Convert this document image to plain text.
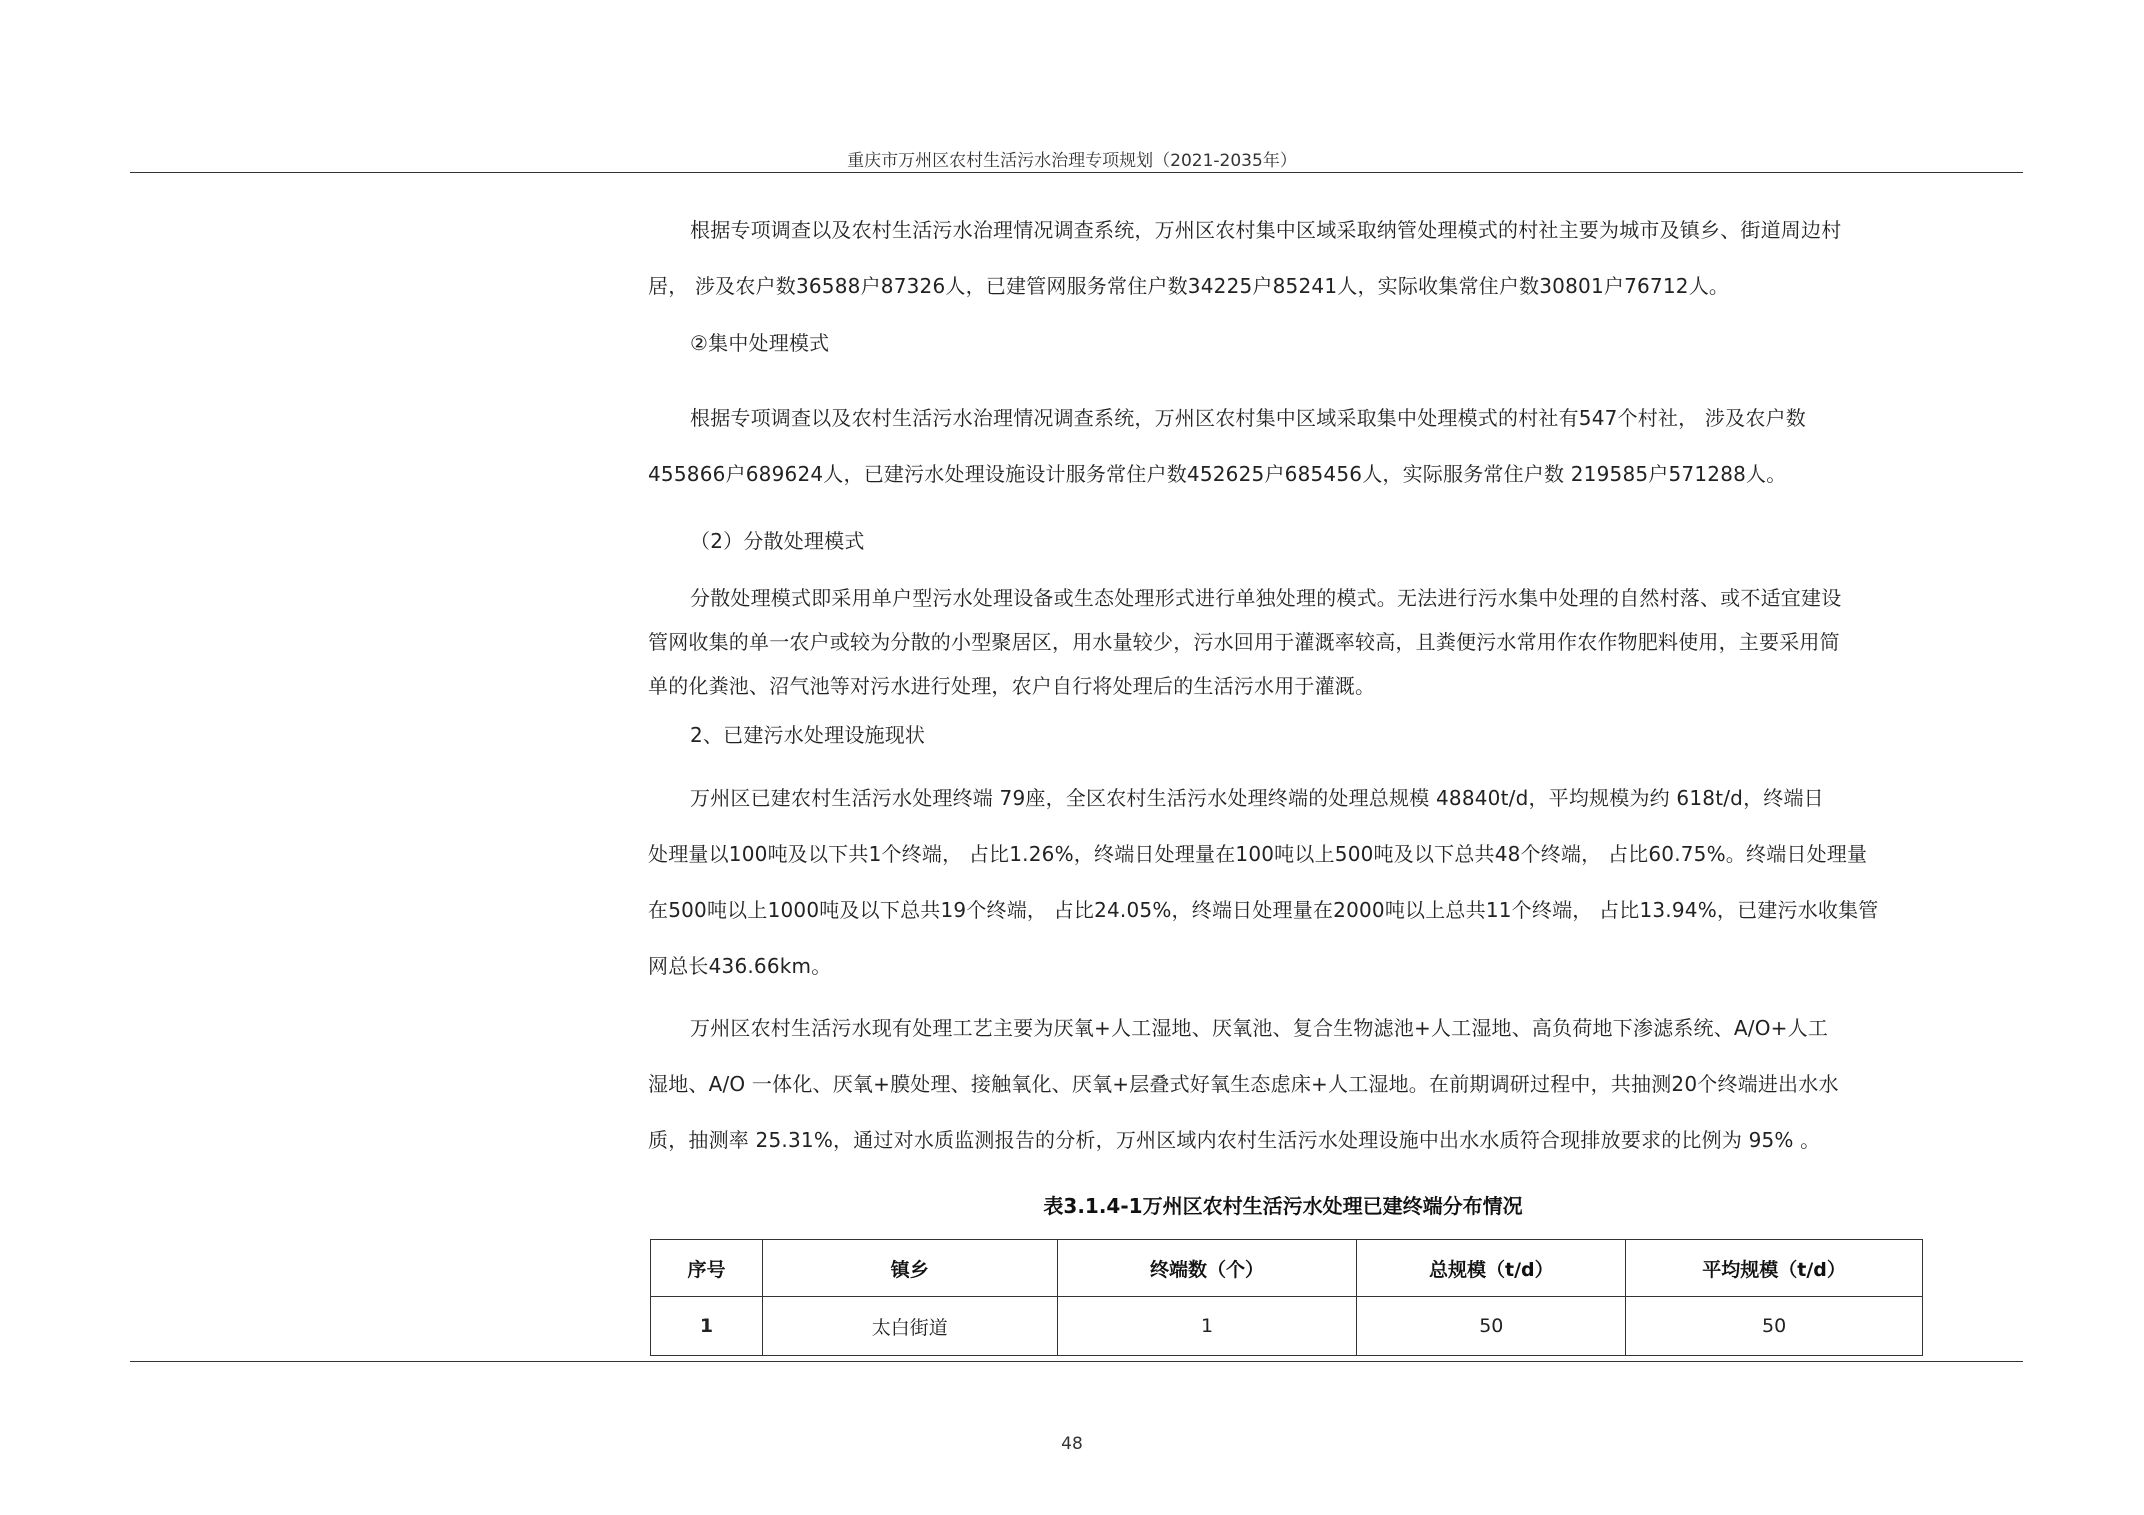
重庆市万州区农村生活污水治理专项规划（2021-2035年）
根据专项调查以及农村生活污水治理情况调查系统，万州区农村集中区域采取纳管处理模式的村社主要为城市及镇乡、街道周边村
居， 涉及农户数36588户87326人，已建管网服务常住户数34225户85241人，实际收集常住户数30801户76712人。
②集中处理模式
根据专项调查以及农村生活污水治理情况调查系统，万州区农村集中区域采取集中处理模式的村社有547个村社， 涉及农户数
455866户689624人，已建污水处理设施设计服务常住户数452625户685456人，实际服务常住户数 219585户571288人。
（2）分散处理模式
分散处理模式即采用单户型污水处理设备或生态处理形式进行单独处理的模式。无法进行污水集中处理的自然村落、或不适宜建设
管网收集的单一农户或较为分散的小型聚居区，用水量较少，污水回用于灌溉率较高，且粪便污水常用作农作物肥料使用，主要采用简
单的化粪池、沼气池等对污水进行处理，农户自行将处理后的生活污水用于灌溉。
2、已建污水处理设施现状
万州区已建农村生活污水处理终端 79座，全区农村生活污水处理终端的处理总规模 48840t/d，平均规模为约 618t/d，终端日
处理量以100吨及以下共1个终端， 占比1.26%，终端日处理量在100吨以上500吨及以下总共48个终端， 占比60.75%。终端日处理量
在500吨以上1000吨及以下总共19个终端， 占比24.05%，终端日处理量在2000吨以上总共11个终端， 占比13.94%，已建污水收集管
网总长436.66km。
万州区农村生活污水现有处理工艺主要为厌氧+人工湿地、厌氧池、复合生物滤池+人工湿地、高负荷地下渗滤系统、A/O+人工
湿地、A/O 一体化、厌氧+膜处理、接触氧化、厌氧+层叠式好氧生态虑床+人工湿地。在前期调研过程中，共抽测20个终端进出水水
质，抽测率 25.31%，通过对水质监测报告的分析，万州区域内农村生活污水处理设施中出水水质符合现排放要求的比例为 95% 。
表3.1.4-1万州区农村生活污水处理已建终端分布情况
序号	镇乡	终端数（个）	总规模（t/d）	平均规模（t/d）
1	太白街道	1	50	50
48
